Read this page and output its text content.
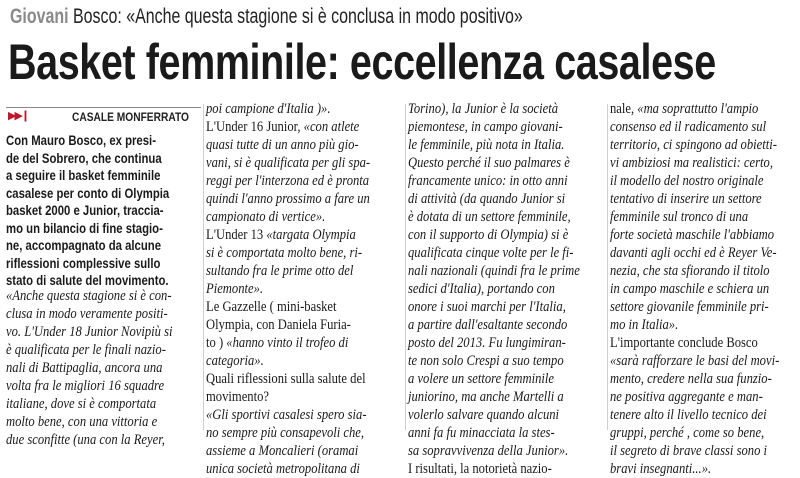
Giovani Bosco: «Anche questa stagione si è conclusa in modo positivo»
Basket femminile: eccellenza casalese
▶▶❙	CASALE MONFERRATO

Con Mauro Bosco, ex presi-

de del Sobrero, che continua

a seguire il basket femminile

casalese per conto di Olympia

basket 2000 e Junior, traccia-

mo un bilancio di fine stagio-

ne, accompagnato da alcune

riflessioni complessive sullo

stato di salute del movimento.

«Anche questa stagione si è con-

clusa in modo veramente positi-

vo. L'Under 18 Junior Novipiù si

è qualificata per le finali nazio-

nali di Battipaglia, ancora una

volta fra le migliori 16 squadre

italiane, dove si è comportata

molto bene, con una vittoria e

due sconfitte (una con la Reyer,

poi campione d'Italia )».

L'Under 16 Junior, «con atlete

quasi tutte di un anno più gio-

vani, si è qualificata per gli spa-

reggi per l'interzona ed è pronta

quindi l'anno prossimo a fare un

campionato di vertice».

L'Under 13 «targata Olympia

si è comportata molto bene, ri-

sultando fra le prime otto del

Piemonte».

Le Gazzelle ( mini-basket

Olympia, con Daniela Furia-

to ) «hanno vinto il trofeo di

categoria».

Quali riflessioni sulla salute del

movimento?

«Gli sportivi casalesi spero sia-

no sempre più consapevoli che,

assieme a Moncalieri (oramai

unica società metropolitana di

Torino), la Junior è la società

piemontese, in campo giovani-

le femminile, più nota in Italia.

Questo perché il suo palmares è

francamente unico: in otto anni

di attività (da quando Junior si

è dotata di un settore femminile,

con il supporto di Olympia) si è

qualificata cinque volte per le fi-

nali nazionali (quindi fra le prime

sedici d'Italia), portando con

onore i suoi marchi per l'Italia,

a partire dall'esaltante secondo

posto del 2013. Fu lungimiran-

te non solo Crespi a suo tempo

a volere un settore femminile

juniorino, ma anche Martelli a

volerlo salvare quando alcuni

anni fa fu minacciata la stes-

sa sopravvivenza della Junior».

I risultati, la notorietà nazio-

nale, «ma soprattutto l'ampio

consenso ed il radicamento sul

territorio, ci spingono ad obietti-

vi ambiziosi ma realistici: certo,

il modello del nostro originale

tentativo di inserire un settore

femminile sul tronco di una

forte società maschile l'abbiamo

davanti agli occhi ed è Reyer Ve-

nezia, che sta sfiorando il titolo

in campo maschile e schiera un

settore giovanile femminile pri-

mo in Italia».

L'importante conclude Bosco

«sarà rafforzare le basi del movi-

mento, credere nella sua funzio-

ne positiva aggregante e man-

tenere alto il livello tecnico dei

gruppi, perché , come so bene,

il segreto di brave classi sono i

bravi insegnanti...».
